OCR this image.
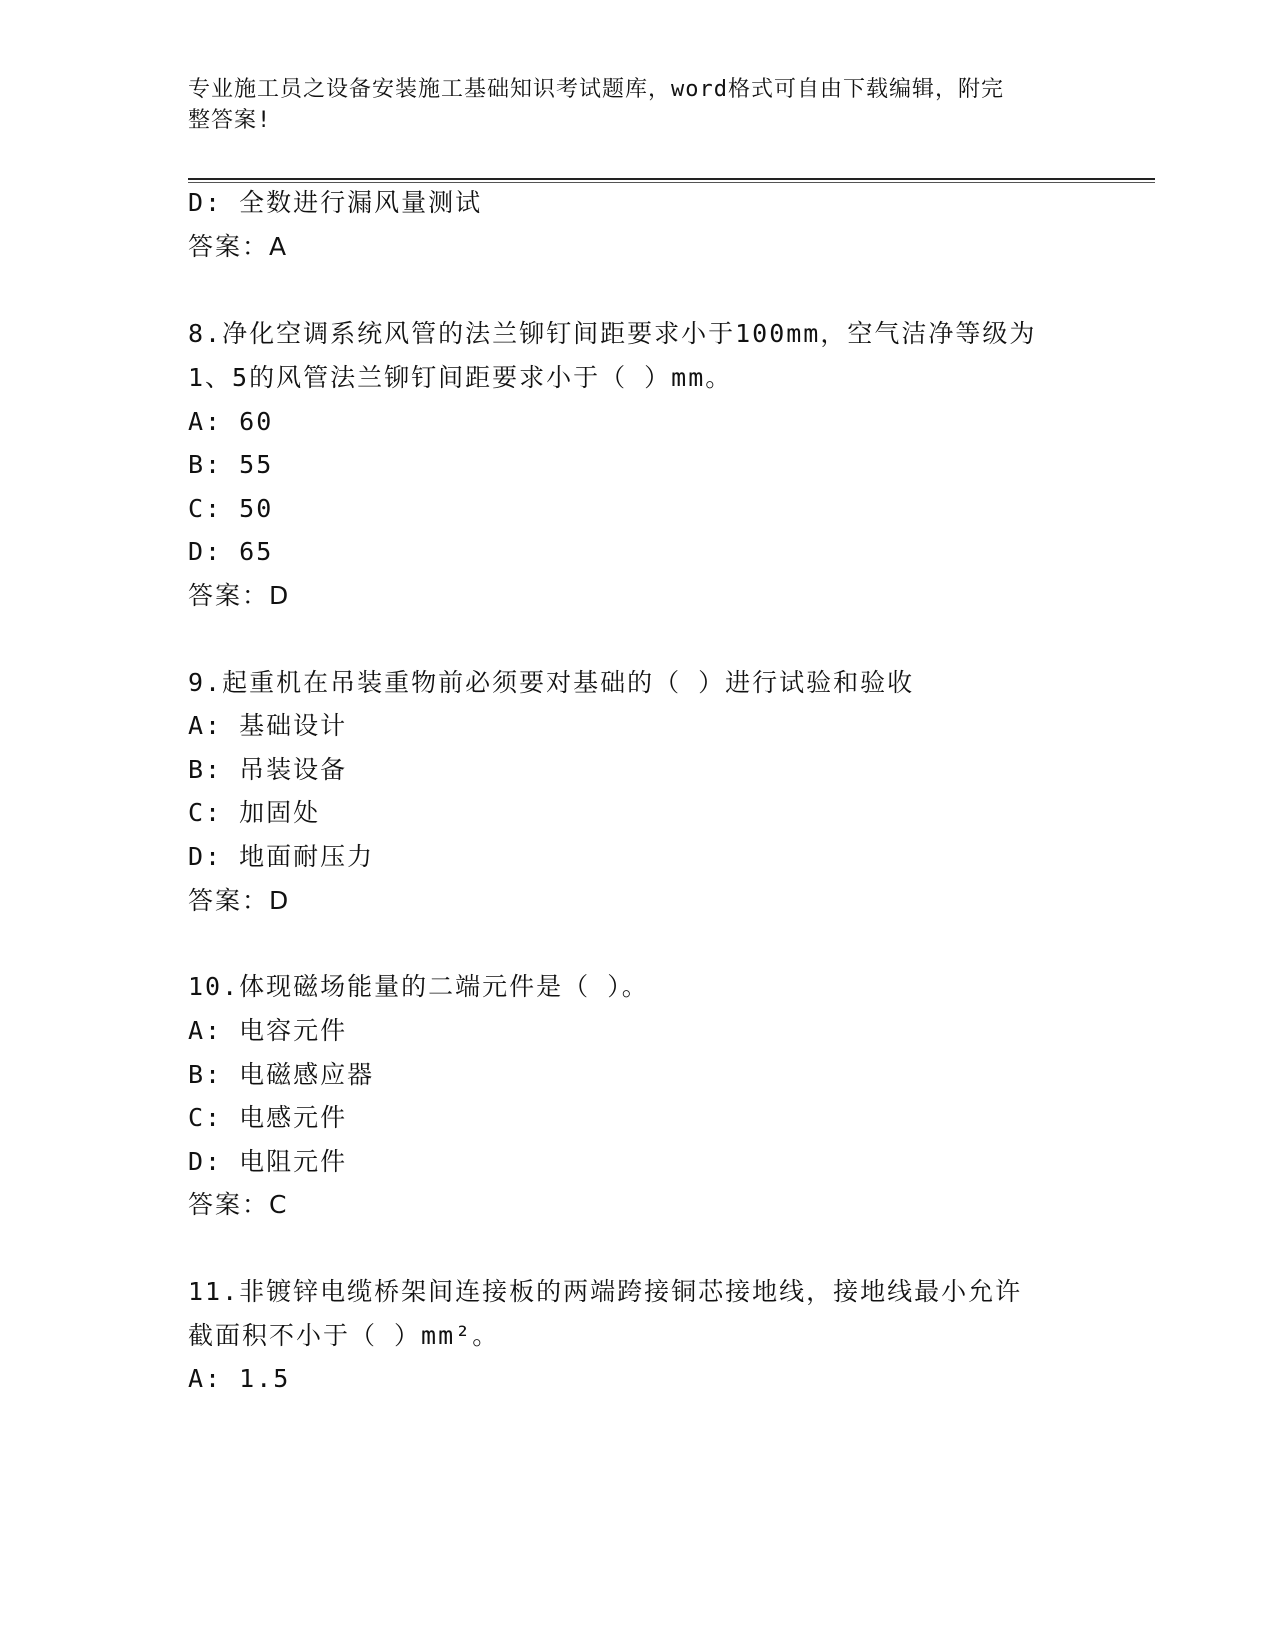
专业施工员之设备安装施工基础知识考试题库，word格式可自由下载编辑，附完
整答案!
D: 全数进行漏风量测试
答案：A
8.净化空调系统风管的法兰铆钉间距要求小于100mm，空气洁净等级为
1、5的风管法兰铆钉间距要求小于（ ）mm。
A: 60
B: 55
C: 50
D: 65
答案：D
9.起重机在吊装重物前必须要对基础的（ ）进行试验和验收
A: 基础设计
B: 吊装设备
C: 加固处
D: 地面耐压力
答案：D
10.体现磁场能量的二端元件是（ ）。
A: 电容元件
B: 电磁感应器
C: 电感元件
D: 电阻元件
答案：C
11.非镀锌电缆桥架间连接板的两端跨接铜芯接地线，接地线最小允许
截面积不小于（ ）mm²。
A: 1.5
